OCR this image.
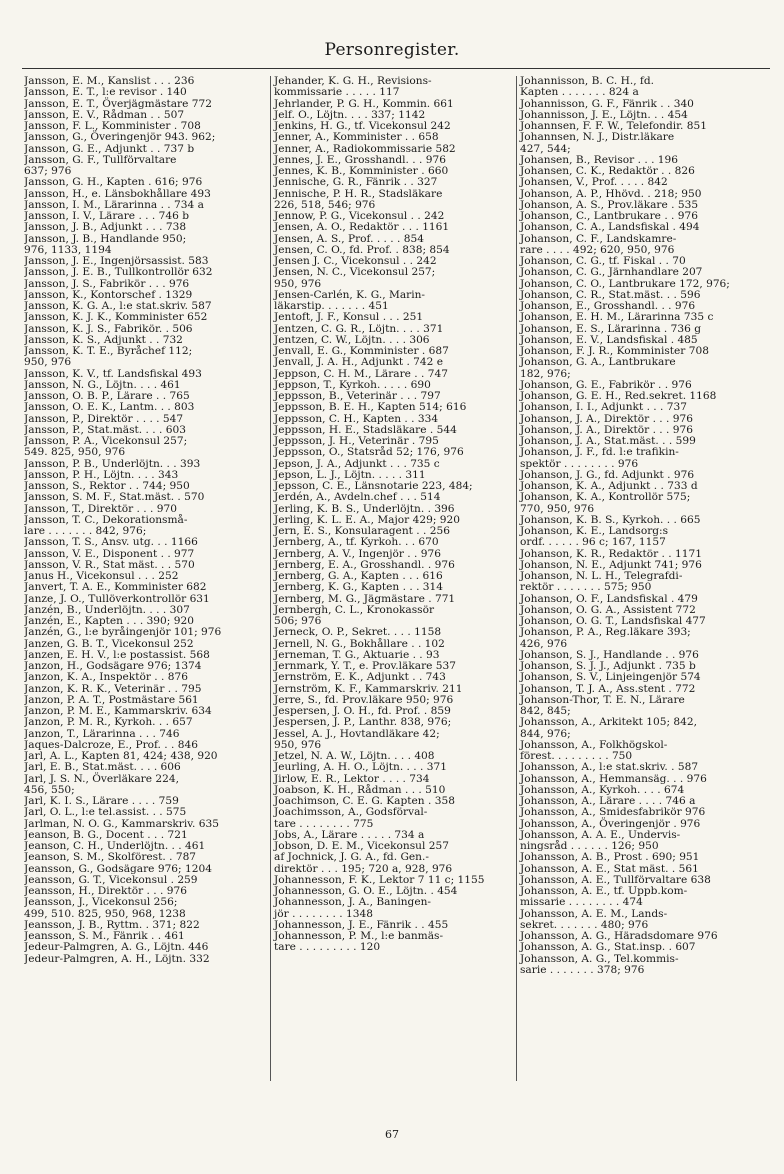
Personregister.
Jansson, E. M., Kanslist . . . 236
Jansson, E. T., l:e revisor . 140
Jansson, E. T., Överjägmästare 772
Jansson, E. V., Rådman . . 507
Jansson, F. L., Komminister . 708
Jansson, G., Överingenjör 943. 962;
Jansson, G. E., Adjunkt . . 737 b
Jansson, G. F., Tullförvaltare
637; 976
Jansson, G. H., Kapten . 616; 976
Jansson, H., e. Länsbokhållare 493
Jansson, I. M., Lärarinna . . 734 a
Jansson, I. V., Lärare . . . 746 b
Jansson, J. B., Adjunkt . . . 738
Jansson, J. B., Handlande 950;
976, 1133, 1194
Jansson, J. E., Ingenjörsassist. 583
Jansson, J. E. B., Tullkontrollör 632
Jansson, J. S., Fabrikör . . . 976
Jansson, K., Kontorschef . 1329
Jansson, K. G. A., l:e stat.skriv. 587
Jansson, K. J. K., Komminister 652
Jansson, K. J. S., Fabrikör. . 506
Jansson, K. S., Adjunkt . . 732
Jansson, K. T. E., Byråchef 112;
950, 976
Jansson, K. V., tf. Landsfiskal 493
Jansson, N. G., Löjtn. . . . 461
Jansson, O. B. P., Lärare . . 765
Jansson, O. E. K., Lantm. . . 803
Jansson, P., Direktör . . . . 547
Jansson, P., Stat.mäst. . . . 603
Jansson, P. A., Vicekonsul 257;
549. 825, 950, 976
Jansson, P. B., Underlöjtn. . . 393
Jansson, P. H., Löjtn. . . . 343
Jansson, S., Rektor . . 744; 950
Jansson, S. M. F., Stat.mäst. . 570
Jansson, T., Direktör . . . 970
Jansson, T. C., Dekorationsmå-
lare . . . . . . . 842, 976;
Jansson, T. S., Ansv. utg. . . 1166
Jansson, V. E., Disponent . . 977
Jansson, V. R., Stat mäst. . . 570
Janus H., Vicekonsul . . . 252
Janvert, T. A. E., Komminister 682
Janze, J. O., Tullöverkontrollör 631
Janzén, B., Underlöjtn. . . . 307
Janzén, E., Kapten . . . 390; 920
Janzén, G., l:e byråingenjör 101; 976
Janzen, G. B. T., Vicekonsul 252
Janzen, E. H. V., l:e postassist. 568
Janzon, H., Godsägare 976; 1374
Janzon, K. A., Inspektör . . 876
Janzon, K. R. K., Veterinär . . 795
Janzon, P. A. T., Postmästare 561
Janzon, P. M. E., Kammarskriv. 634
Janzon, P. M. R., Kyrkoh. . . 657
Janzon, T., Lärarinna . . . 746
Jaques-Dalcroze, E., Prof. . . 846
Jarl, A. L., Kapten 81, 424; 438, 920
Jarl, E. B., Stat.mäst. . . . 606
Jarl, J. S. N., Överläkare 224,
456, 550;
Jarl, K. I. S., Lärare . . . . 759
Jarl, O. L., l:e tel.assist. . . 575
Jarlman, N. O. G., Kammarskriv. 635
Jeanson, B. G., Docent . . . 721
Jeanson, C. H., Underlöjtn. . . 461
Jeanson, S. M., Skolförest. . 787
Jeansson, G., Godsägare 976; 1204
Jeansson, G. T., Vicekonsul . 259
Jeansson, H., Direktör . . . 976
Jeansson, J., Vicekonsul 256;
499, 510. 825, 950, 968, 1238
Jeansson, J. B., Ryttm. . 371; 822
Jeansson, S. M., Fänrik . . 461
Jedeur-Palmgren, A. G., Löjtn. 446
Jedeur-Palmgren, A. H., Löjtn. 332
Jehander, K. G. H., Revisions-
kommissarie . . . . . 117
Jehrlander, P. G. H., Kommin. 661
Jelf. O., Löjtn. . . . 337; 1142
Jenkins, H. G., tf. Vicekonsul 242
Jenner, A., Komminister . . 658
Jenner, A., Radiokommissarie 582
Jennes, J. E., Grosshandl. . . 976
Jennes, K. B., Komminister . 660
Jennische, G. R., Fänrik . . 327
Jennische, P. H. R., Stadsläkare
226, 518, 546; 976
Jennow, P. G., Vicekonsul . . 242
Jensen, A. O., Redaktör . . . 1161
Jensen, A. S., Prof. . . . . 854
Jensen, C. O., fd. Prof. . 838; 854
Jensen J. C., Vicekonsul . . 242
Jensen, N. C., Vicekonsul 257;
950, 976
Jensen-Carlén, K. G., Marin-
läkarstip. . . . . . . 451
Jentoft, J. F., Konsul . . . 251
Jentzen, C. G. R., Löjtn. . . . 371
Jentzen, C. W., Löjtn. . . . 306
Jenvall, E. G., Komminister . 687
Jenvall, J. A. H., Adjunkt . 742 e
Jeppson, C. H. M., Lärare . . 747
Jeppson, T., Kyrkoh. . . . . 690
Jeppsson, B., Veterinär . . . 797
Jeppsson, B. E. H., Kapten 514; 616
Jeppsson, C. H., Kapten . . 334
Jeppsson, H. E., Stadsläkare . 544
Jeppsson, J. H., Veterinär . 795
Jeppsson, O., Statsråd 52; 176, 976
Jepson, J. A., Adjunkt . . . 735 c
Jepson, L. J., Löjtn. . . . . 311
Jepsson, C. E., Länsnotarie 223, 484;
Jerdén, A., Avdeln.chef . . . 514
Jerling, K. B. S., Underlöjtn. . 396
Jerling, K. L. E. A., Major 429; 920
Jern, E. S., Konsularagent . . 256
Jernberg, A., tf. Kyrkoh. . . 670
Jernberg, A. V., Ingenjör . . 976
Jernberg, E. A., Grosshandl. . 976
Jernberg, G. A., Kapten . . . 616
Jernberg, K. G., Kapten . . . 314
Jernberg, M. G., Jägmästare . 771
Jernbergh, C. L., Kronokassör
506; 976
Jerneck, O. P., Sekret. . . . 1158
Jernell, N. G., Bokhållare . . 102
Jerneman, T. G., Aktuarie . . 93
Jernmark, Y. T., e. Prov.läkare 537
Jernström, E. K., Adjunkt . . 743
Jernström, K. F., Kammarskriv. 211
Jerre, S., fd. Prov.läkare 950; 976
Jespersen, J. O. H., fd. Prof. . 859
Jespersen, J. P., Lanthr. 838, 976;
Jessel, A. J., Hovtandläkare 42;
950, 976
Jetzel, N. A. W., Löjtn. . . . 408
Jeurling, A. H. O., Löjtn. . . . 371
Jirlow, E. R., Lektor . . . . 734
Joabson, K. H., Rådman . . . 510
Joachimson, C. E. G. Kapten . 358
Joachimsson, A., Godsförval-
tare . . . . . . . . 775
Jobs, A., Lärare . . . . . 734 a
Jobson, D. E. M., Vicekonsul 257
af Jochnick, J. G. A., fd. Gen.-
direktör . . . 195; 720 a, 928, 976
Johannesson, F. K., Lektor 7 11 c; 1155
Johannesson, G. O. E., Löjtn. . 454
Johannesson, J. A., Baningen-
jör . . . . . . . . 1348
Johannesson, J. E., Fänrik . . 455
Johannesson, P. M., l:e banmäs-
tare . . . . . . . . . 120
Johannisson, B. C. H., fd.
Kapten . . . . . . . 824 a
Johannisson, G. F., Fänrik . . 340
Johannisson, J. E., Löjtn. . . 454
Johannsen, F. F. W., Telefondir. 851
Johannsen, N. J., Distr.läkare
427, 544;
Johansen, B., Revisor . . . 196
Johansen, C. K., Redaktör . . 826
Johansen, V., Prof. . . . . 842
Johanson, A. P., Hhövd. . 218; 950
Johanson, A. S., Prov.läkare . 535
Johanson, C., Lantbrukare . . 976
Johanson, C. A., Landsfiskal . 494
Johanson, C. F., Landskamre-
rare . . . . 492; 620, 950, 976
Johanson, C. G., tf. Fiskal . . 70
Johanson, C. G., Järnhandlare 207
Johanson, C. O., Lantbrukare 172, 976;
Johanson, C. R., Stat.mäst. . . 596
Johanson, E., Grosshandl. . . 976
Johanson, E. H. M., Lärarinna 735 c
Johanson, E. S., Lärarinna . 736 g
Johanson, E. V., Landsfiskal . 485
Johanson, F. J. R., Komminister 708
Johanson, G. A., Lantbrukare
182, 976;
Johanson, G. E., Fabrikör . . 976
Johanson, G. E. H., Red.sekret. 1168
Johanson, I. I., Adjunkt . . . 737
Johanson, J. A., Direktör . . . 976
Johanson, J. A., Direktör . . . 976
Johanson, J. A., Stat.mäst. . . 599
Johanson, J. F., fd. l:e trafikin-
spektör . . . . . . . . 976
Johanson, J. G., fd. Adjunkt . 976
Johanson, K. A., Adjunkt . . 733 d
Johanson, K. A., Kontrollör 575;
770, 950, 976
Johanson, K. B. S., Kyrkoh. . . 665
Johanson, K. E., Landsorg:s
ordf. . . . . . 96 c; 167, 1157
Johanson, K. R., Redaktör . . 1171
Johanson, N. E., Adjunkt 741; 976
Johanson, N. L. H., Telegrafdi-
rektör . . . . . . . 575; 950
Johanson, O. F., Landsfiskal . 479
Johanson, O. G. A., Assistent 772
Johanson, O. G. T., Landsfiskal 477
Johanson, P. A., Reg.läkare 393;
426, 976
Johanson, S. J., Handlande . . 976
Johanson, S. J. J., Adjunkt . 735 b
Johanson, S. V., Linjeingenjör 574
Johanson, T. J. A., Ass.stent . 772
Johanson-Thor, T. E. N., Lärare
842, 845;
Johansson, A., Arkitekt 105; 842,
844, 976;
Johansson, A., Folkhögskol-
förest. . . . . . . . . 750
Johansson, A., l:e stat.skriv. . 587
Johansson, A., Hemmansäg. . . 976
Johansson, A., Kyrkoh. . . . 674
Johansson, A., Lärare . . . . 746 a
Johansson, A., Smidesfabrikör 976
Johansson, A., Överingenjör . 976
Johansson, A. A. E., Undervis-
ningsråd . . . . . . 126; 950
Johansson, A. B., Prost . 690; 951
Johansson, A. E., Stat mäst. . 561
Johansson, A. E., Tullförvaltare 638
Johansson, A. E., tf. Uppb.kom-
missarie . . . . . . . . 474
Johansson, A. E. M., Lands-
sekret. . . . . . . 480; 976
Johansson, A. G., Häradsdomare 976
Johansson, A. G., Stat.insp. . 607
Johansson, A. G., Tel.kommis-
sarie . . . . . . . 378; 976
67
